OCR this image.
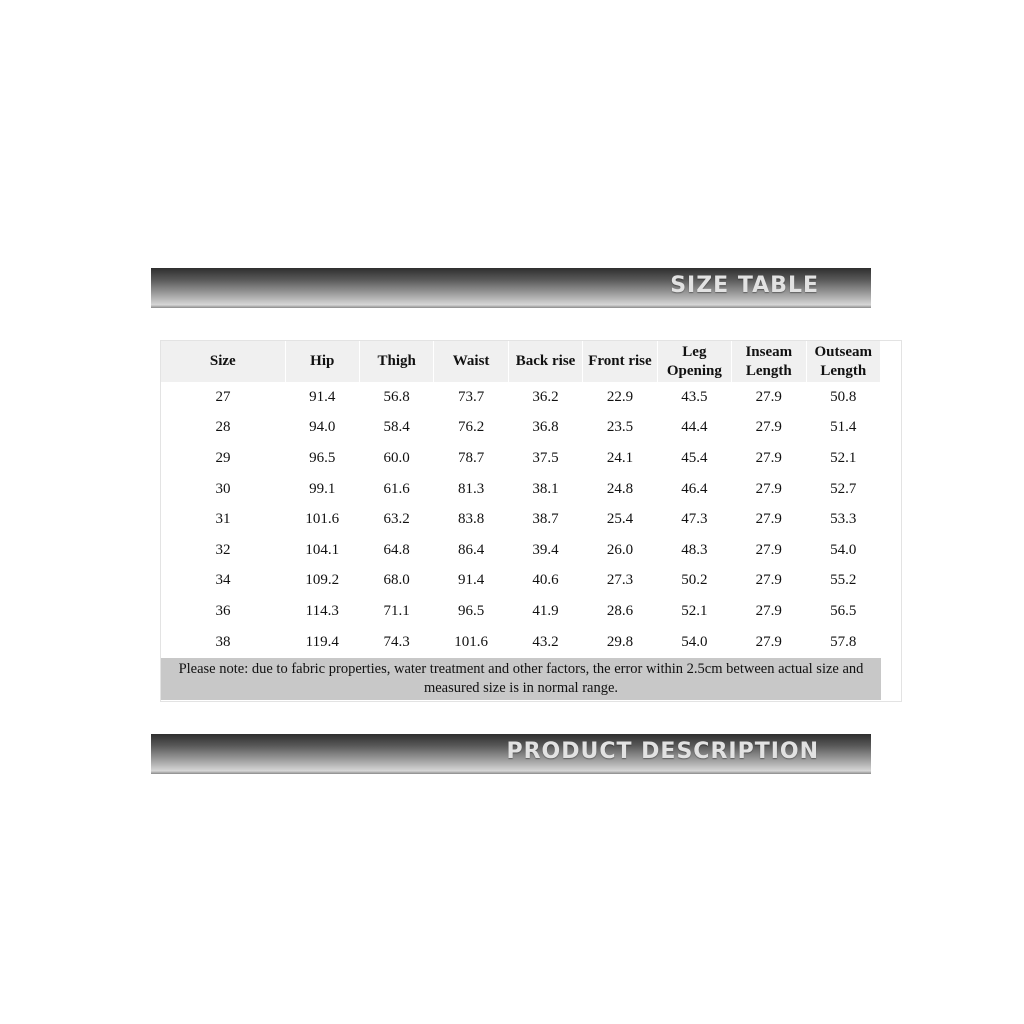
SIZE TABLE
Size	Hip	Thigh	Waist	Back rise	Front rise	Leg Opening	Inseam Length	Outseam Length
27	91.4	56.8	73.7	36.2	22.9	43.5	27.9	50.8
28	94.0	58.4	76.2	36.8	23.5	44.4	27.9	51.4
29	96.5	60.0	78.7	37.5	24.1	45.4	27.9	52.1
30	99.1	61.6	81.3	38.1	24.8	46.4	27.9	52.7
31	101.6	63.2	83.8	38.7	25.4	47.3	27.9	53.3
32	104.1	64.8	86.4	39.4	26.0	48.3	27.9	54.0
34	109.2	68.0	91.4	40.6	27.3	50.2	27.9	55.2
36	114.3	71.1	96.5	41.9	28.6	52.1	27.9	56.5
38	119.4	74.3	101.6	43.2	29.8	54.0	27.9	57.8
Please note: due to fabric properties, water treatment and other factors, the error within 2.5cm between actual size and measured size is in normal range.
PRODUCT DESCRIPTION
